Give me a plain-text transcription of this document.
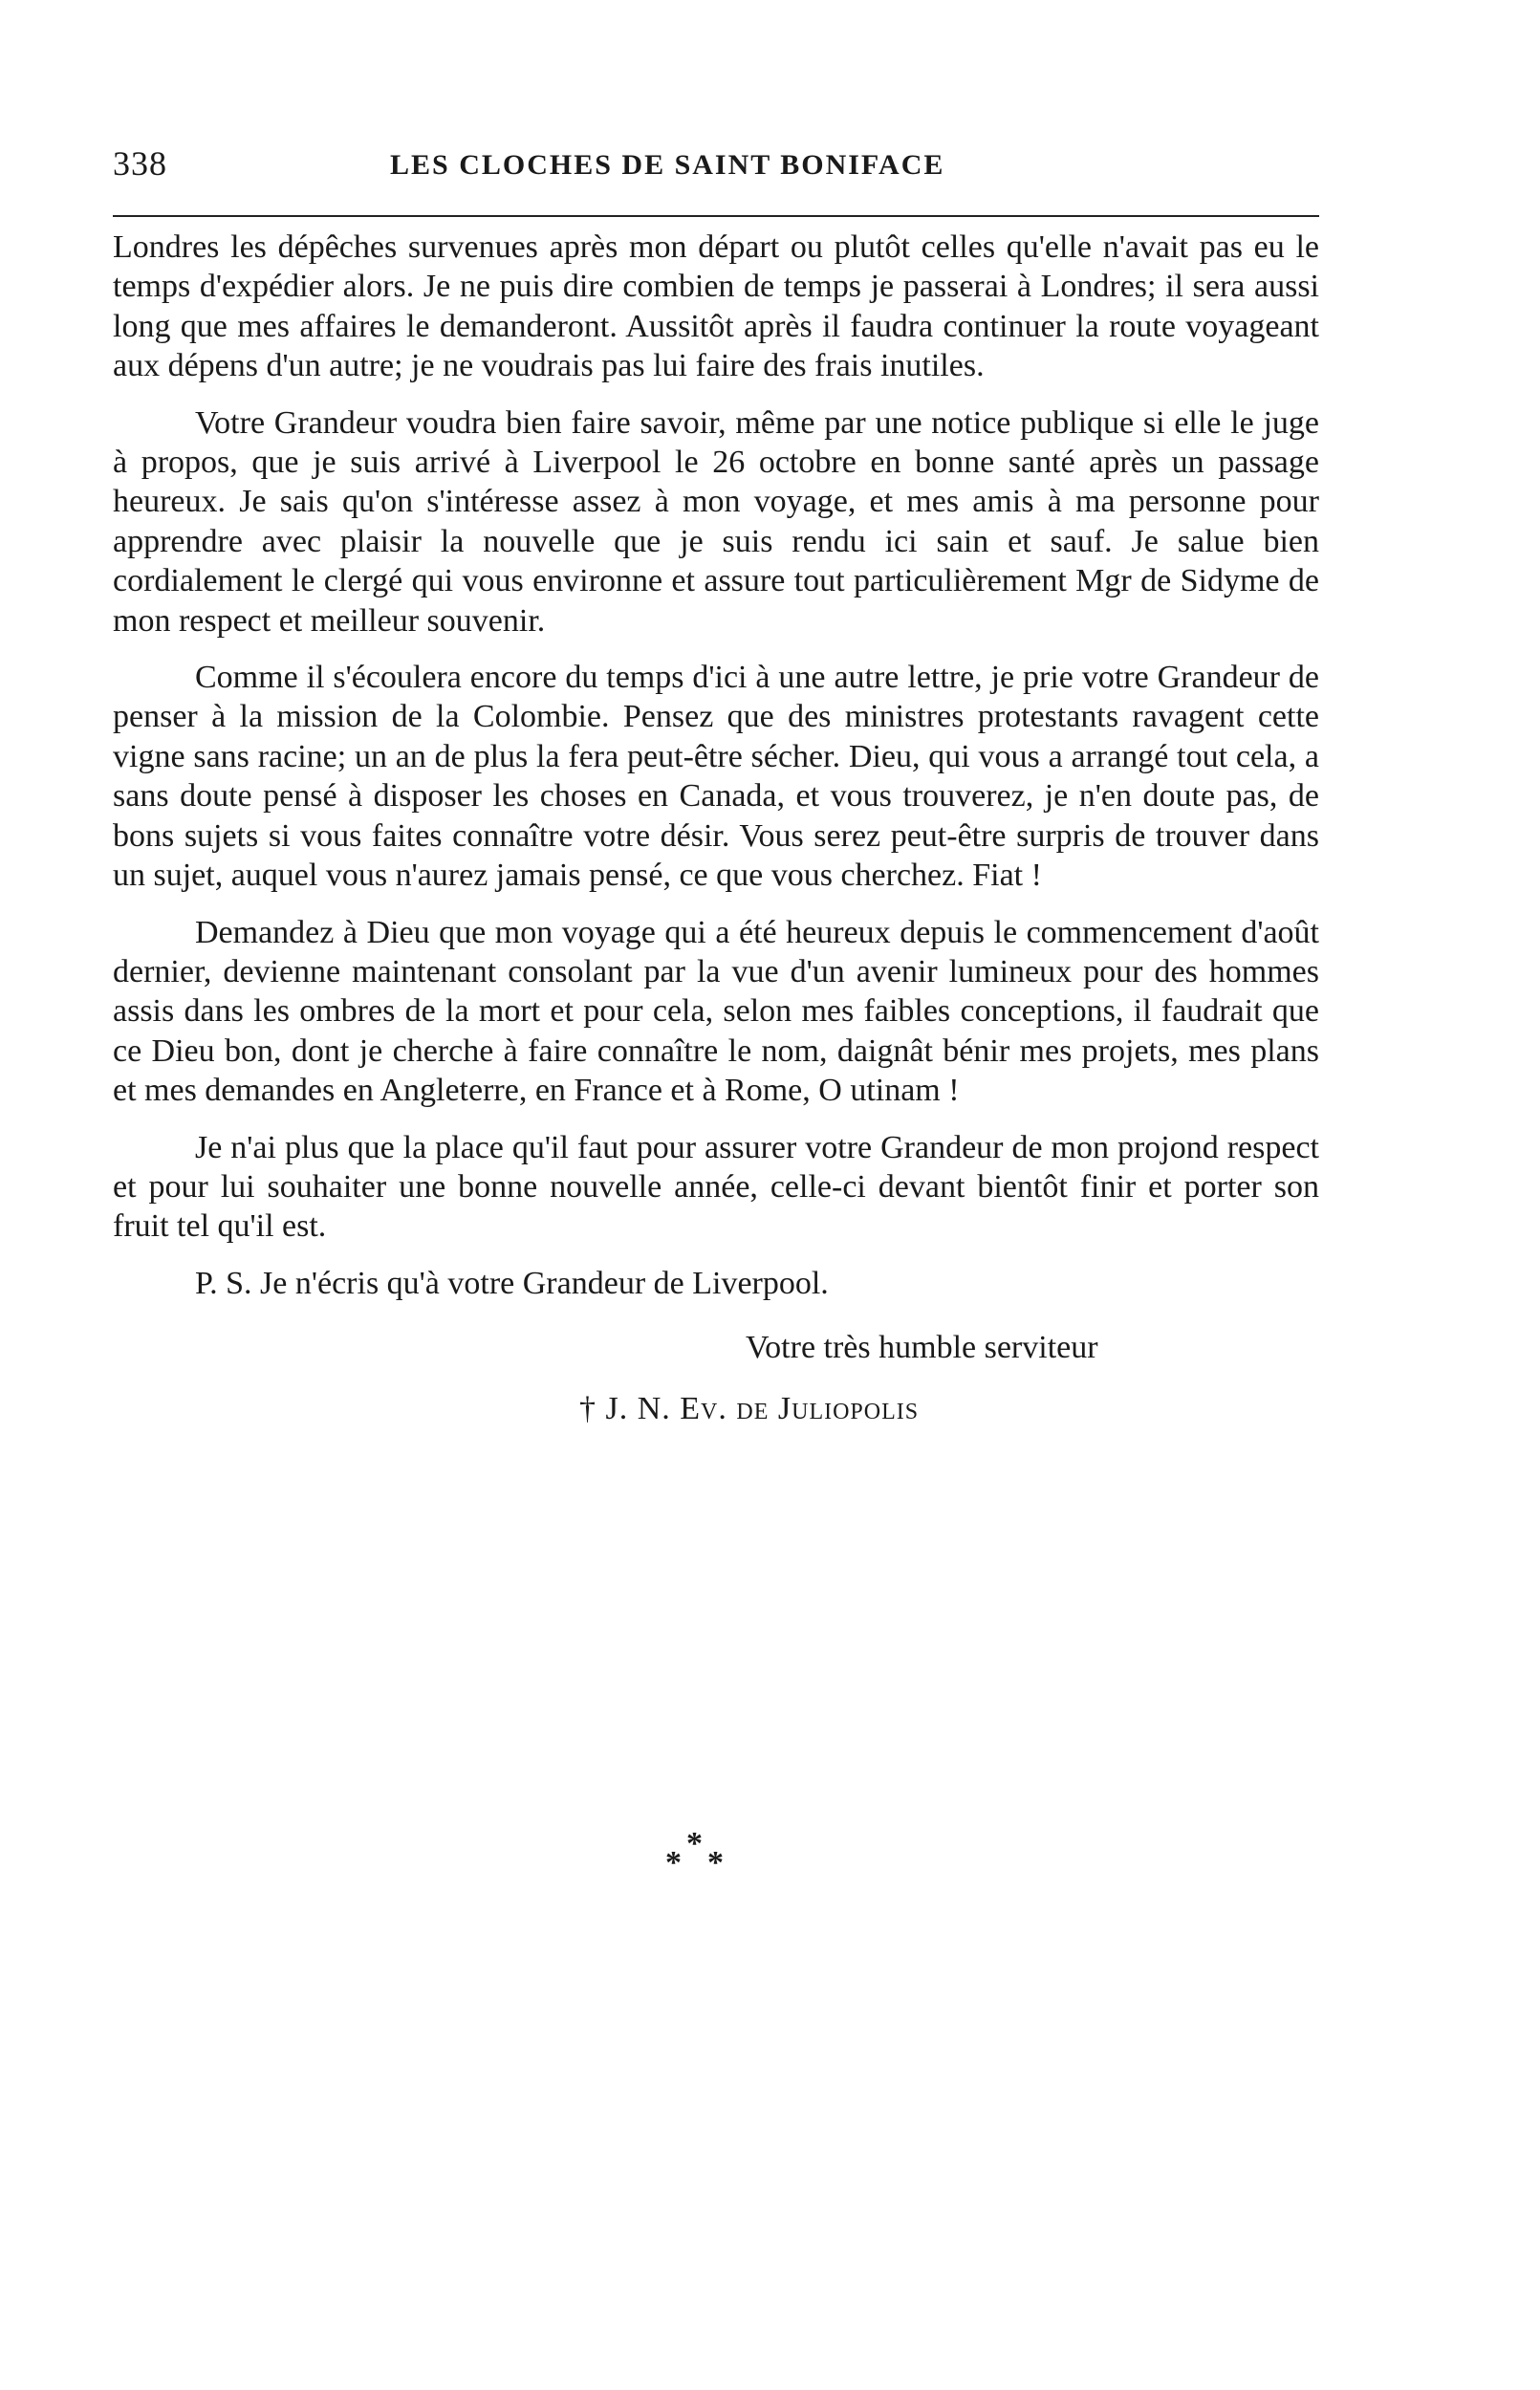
338	LES CLOCHES DE SAINT BONIFACE

Londres les dépêches survenues après mon départ ou plutôt celles qu'elle n'avait pas eu le temps d'expédier alors. Je ne puis dire combien de temps je passerai à Londres; il sera aussi long que mes affaires le demanderont. Aussitôt après il faudra continuer la route voyageant aux dépens d'un autre; je ne voudrais pas lui faire des frais inutiles.

Votre Grandeur voudra bien faire savoir, même par une notice publique si elle le juge à propos, que je suis arrivé à Liverpool le 26 octobre en bonne santé après un passage heureux. Je sais qu'on s'intéresse assez à mon voyage, et mes amis à ma personne pour apprendre avec plaisir la nouvelle que je suis rendu ici sain et sauf. Je salue bien cordialement le clergé qui vous environne et assure tout particulièrement Mgr de Sidyme de mon respect et meilleur souvenir.

Comme il s'écoulera encore du temps d'ici à une autre lettre, je prie votre Grandeur de penser à la mission de la Colombie. Pensez que des ministres protestants ravagent cette vigne sans racine; un an de plus la fera peut-être sécher. Dieu, qui vous a arrangé tout cela, a sans doute pensé à disposer les choses en Canada, et vous trouverez, je n'en doute pas, de bons sujets si vous faites connaître votre désir. Vous serez peut-être surpris de trouver dans un sujet, auquel vous n'aurez jamais pensé, ce que vous cherchez. Fiat !

Demandez à Dieu que mon voyage qui a été heureux depuis le commencement d'août dernier, devienne maintenant consolant par la vue d'un avenir lumineux pour des hommes assis dans les ombres de la mort et pour cela, selon mes faibles conceptions, il faudrait que ce Dieu bon, dont je cherche à faire connaître le nom, daignât bénir mes projets, mes plans et mes demandes en Angleterre, en France et à Rome, O utinam !

Je n'ai plus que la place qu'il faut pour assurer votre Grandeur de mon projond respect et pour lui souhaiter une bonne nouvelle année, celle-ci devant bientôt finir et porter son fruit tel qu'il est.

P. S. Je n'écris qu'à votre Grandeur de Liverpool.

Votre très humble serviteur

† J. N. Ev. de Juliopolis

*
* *
